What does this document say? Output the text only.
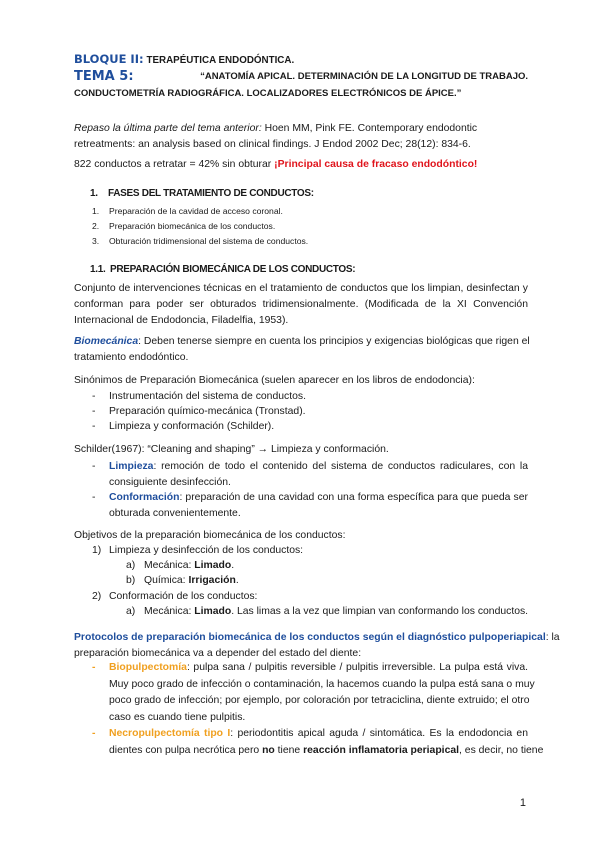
BLOQUE II: TERAPÉUTICA ENDODÓNTICA.
TEMA 5:	“ANATOMÍA APICAL. DETERMINACIÓN DE LA LONGITUD DE TRABAJO.
CONDUCTOMETRÍA RADIOGRÁFICA. LOCALIZADORES ELECTRÓNICOS DE ÁPICE.”
Repaso la última parte del tema anterior: Hoen MM, Pink FE. Contemporary endodontic
retreatments: an analysis based on clinical findings. J Endod 2002 Dec; 28(12): 834-6.
822 conductos a retratar = 42% sin obturar ¡Principal causa de fracaso endodóntico!
1. FASES DEL TRATAMIENTO DE CONDUCTOS:
1. Preparación de la cavidad de acceso coronal.
2. Preparación biomecánica de los conductos.
3. Obturación tridimensional del sistema de conductos.
1.1. PREPARACIÓN BIOMECÁNICA DE LOS CONDUCTOS:
Conjunto de intervenciones técnicas en el tratamiento de conductos que los limpian, desinfectan y
conforman para poder ser obturados tridimensionalmente. (Modificada de la XI Convención
Internacional de Endodoncia, Filadelfia, 1953).
Biomecánica: Deben tenerse siempre en cuenta los principios y exigencias biológicas que rigen el
tratamiento endodóntico.
Sinónimos de Preparación Biomecánica (suelen aparecer en los libros de endodoncia):
- Instrumentación del sistema de conductos.
- Preparación químico-mecánica (Tronstad).
- Limpieza y conformación (Schilder).
Schilder(1967): “Cleaning and shaping” → Limpieza y conformación.
- Limpieza: remoción de todo el contenido del sistema de conductos radiculares, con la
consiguiente desinfección.
- Conformación: preparación de una cavidad con una forma específica para que pueda ser
obturada convenientemente.
Objetivos de la preparación biomecánica de los conductos:
1) Limpieza y desinfección de los conductos:
a) Mecánica: Limado.
b) Química: Irrigación.
2) Conformación de los conductos:
a) Mecánica: Limado. Las limas a la vez que limpian van conformando los conductos.
Protocolos de preparación biomecánica de los conductos según el diagnóstico pulpoperiapical: la
preparación biomecánica va a depender del estado del diente:
- Biopulpectomía: pulpa sana / pulpitis reversible / pulpitis irreversible. La pulpa está viva.
Muy poco grado de infección o contaminación, la hacemos cuando la pulpa está sana o muy
poco grado de infección; por ejemplo, por coloración por tetraciclina, diente extruido; el otro
caso es cuando tiene pulpitis.
- Necropulpectomía tipo I: periodontitis apical aguda / sintomática. Es la endodoncia en
dientes con pulpa necrótica pero no tiene reacción inflamatoria periapical, es decir, no tiene
1
